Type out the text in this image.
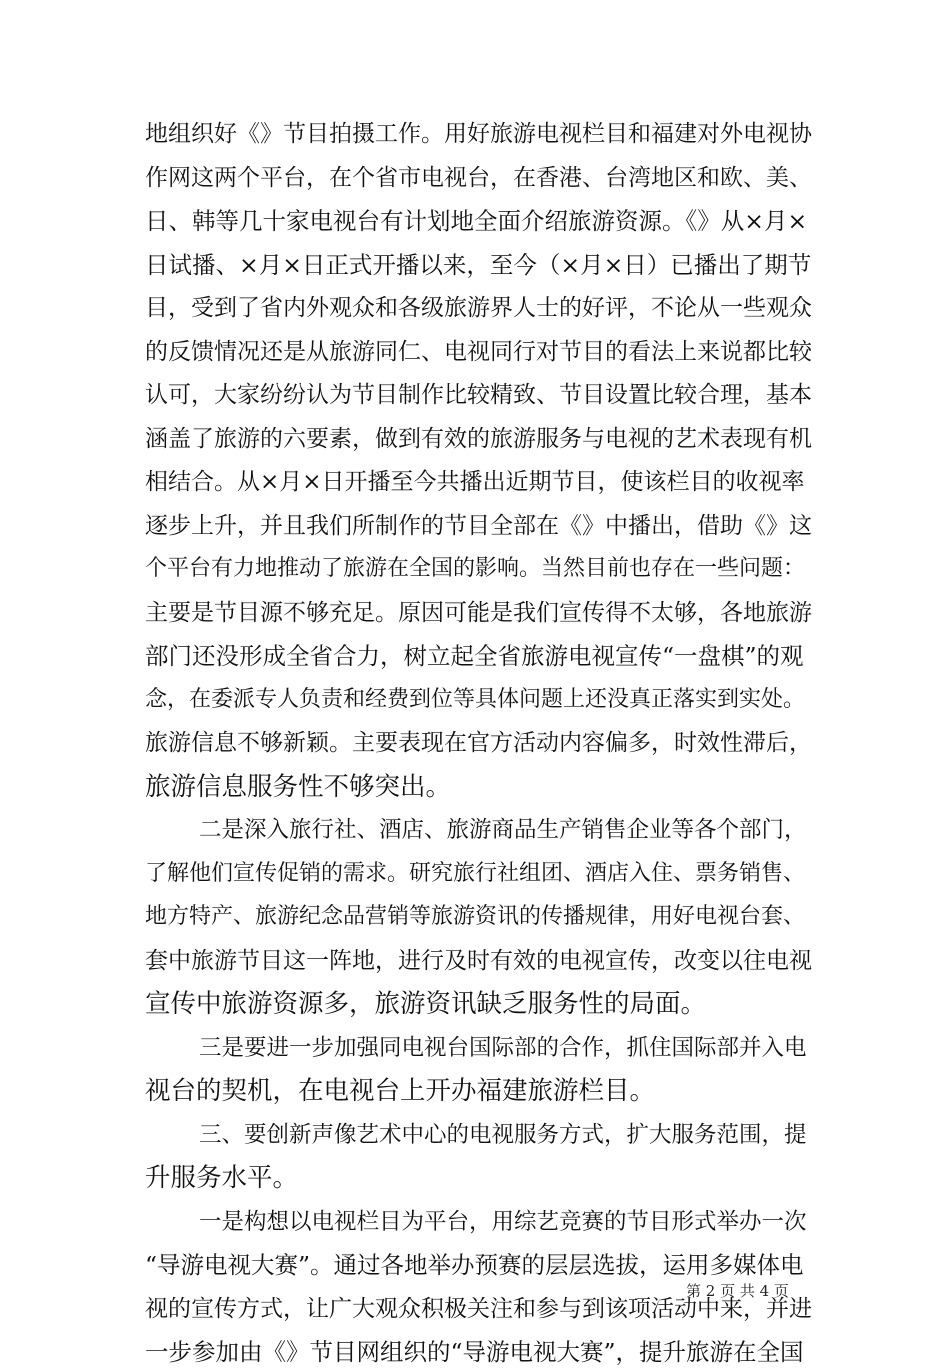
地组织好《》节目拍摄工作。用好旅游电视栏目和福建对外电视协
作网这两个平台，在个省市电视台，在香港、台湾地区和欧、美、
日、韩等几十家电视台有计划地全面介绍旅游资源。《》从×月×
日试播、×月×日正式开播以来，至今（×月×日）已播出了期节
目，受到了省内外观众和各级旅游界人士的好评，不论从一些观众
的反馈情况还是从旅游同仁、电视同行对节目的看法上来说都比较
认可，大家纷纷认为节目制作比较精致、节目设置比较合理，基本
涵盖了旅游的六要素，做到有效的旅游服务与电视的艺术表现有机
相结合。从×月×日开播至今共播出近期节目，使该栏目的收视率
逐步上升，并且我们所制作的节目全部在《》中播出，借助《》这
个平台有力地推动了旅游在全国的影响。当然目前也存在一些问题：
主要是节目源不够充足。原因可能是我们宣传得不太够，各地旅游
部门还没形成全省合力，树立起全省旅游电视宣传“一盘棋”的观
念，在委派专人负责和经费到位等具体问题上还没真正落实到实处。
旅游信息不够新颖。主要表现在官方活动内容偏多，时效性滞后，
旅游信息服务性不够突出。
二是深入旅行社、酒店、旅游商品生产销售企业等各个部门，
了解他们宣传促销的需求。研究旅行社组团、酒店入住、票务销售、
地方特产、旅游纪念品营销等旅游资讯的传播规律，用好电视台套、
套中旅游节目这一阵地，进行及时有效的电视宣传，改变以往电视
宣传中旅游资源多，旅游资讯缺乏服务性的局面。
三是要进一步加强同电视台国际部的合作，抓住国际部并入电
视台的契机，在电视台上开办福建旅游栏目。
三、要创新声像艺术中心的电视服务方式，扩大服务范围，提
升服务水平。
一是构想以电视栏目为平台，用综艺竞赛的节目形式举办一次
“导游电视大赛”。通过各地举办预赛的层层选拔，运用多媒体电
视的宣传方式，让广大观众积极关注和参与到该项活动中来，并进
一步参加由《》节目网组织的“导游电视大赛”，提升旅游在全国
第 2 页 共 4 页
